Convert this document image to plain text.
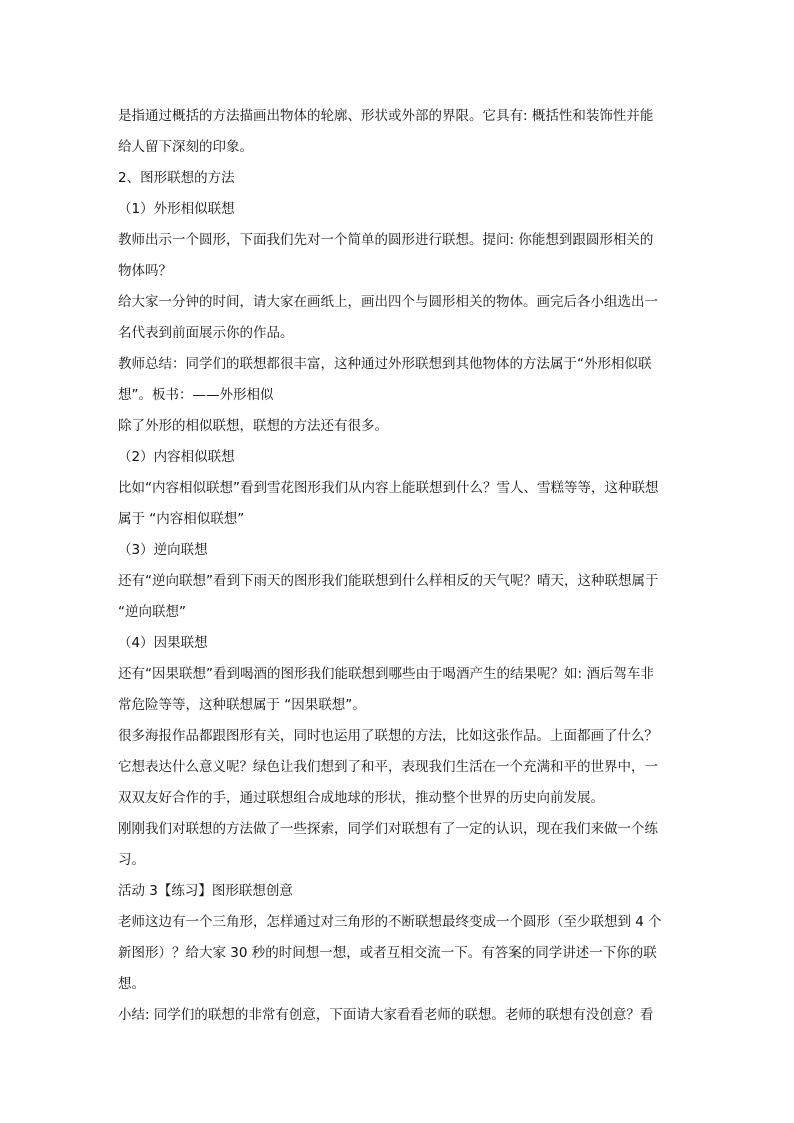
是指通过概括的方法描画出物体的轮廓、形状或外部的界限。它具有: 概括性和装饰性并能
给人留下深刻的印象。
2、图形联想的方法
（1）外形相似联想
教师出示一个圆形，下面我们先对一个简单的圆形进行联想。提问: 你能想到跟圆形相关的
物体吗？
给大家一分钟的时间，请大家在画纸上，画出四个与圆形相关的物体。画完后各小组选出一
名代表到前面展示你的作品。
教师总结：同学们的联想都很丰富，这种通过外形联想到其他物体的方法属于“外形相似联
想”。板书：——外形相似
除了外形的相似联想，联想的方法还有很多。
（2）内容相似联想
比如“内容相似联想”看到雪花图形我们从内容上能联想到什么？雪人、雪糕等等，这种联想
属于 “内容相似联想”
（3）逆向联想
还有“逆向联想”看到下雨天的图形我们能联想到什么样相反的天气呢？晴天，这种联想属于
“逆向联想”
（4）因果联想
还有“因果联想”看到喝酒的图形我们能联想到哪些由于喝酒产生的结果呢？如: 酒后驾车非
常危险等等，这种联想属于 “因果联想”。
很多海报作品都跟图形有关，同时也运用了联想的方法，比如这张作品。上面都画了什么？
它想表达什么意义呢？绿色让我们想到了和平，表现我们生活在一个充满和平的世界中，一
双双友好合作的手，通过联想组合成地球的形状，推动整个世界的历史向前发展。
刚刚我们对联想的方法做了一些探索，同学们对联想有了一定的认识，现在我们来做一个练
习。
活动 3【练习】图形联想创意
老师这边有一个三角形，怎样通过对三角形的不断联想最终变成一个圆形（至少联想到 4 个
新图形）？给大家 30 秒的时间想一想，或者互相交流一下。有答案的同学讲述一下你的联
想。
小结: 同学们的联想的非常有创意，下面请大家看看老师的联想。老师的联想有没创意？看
